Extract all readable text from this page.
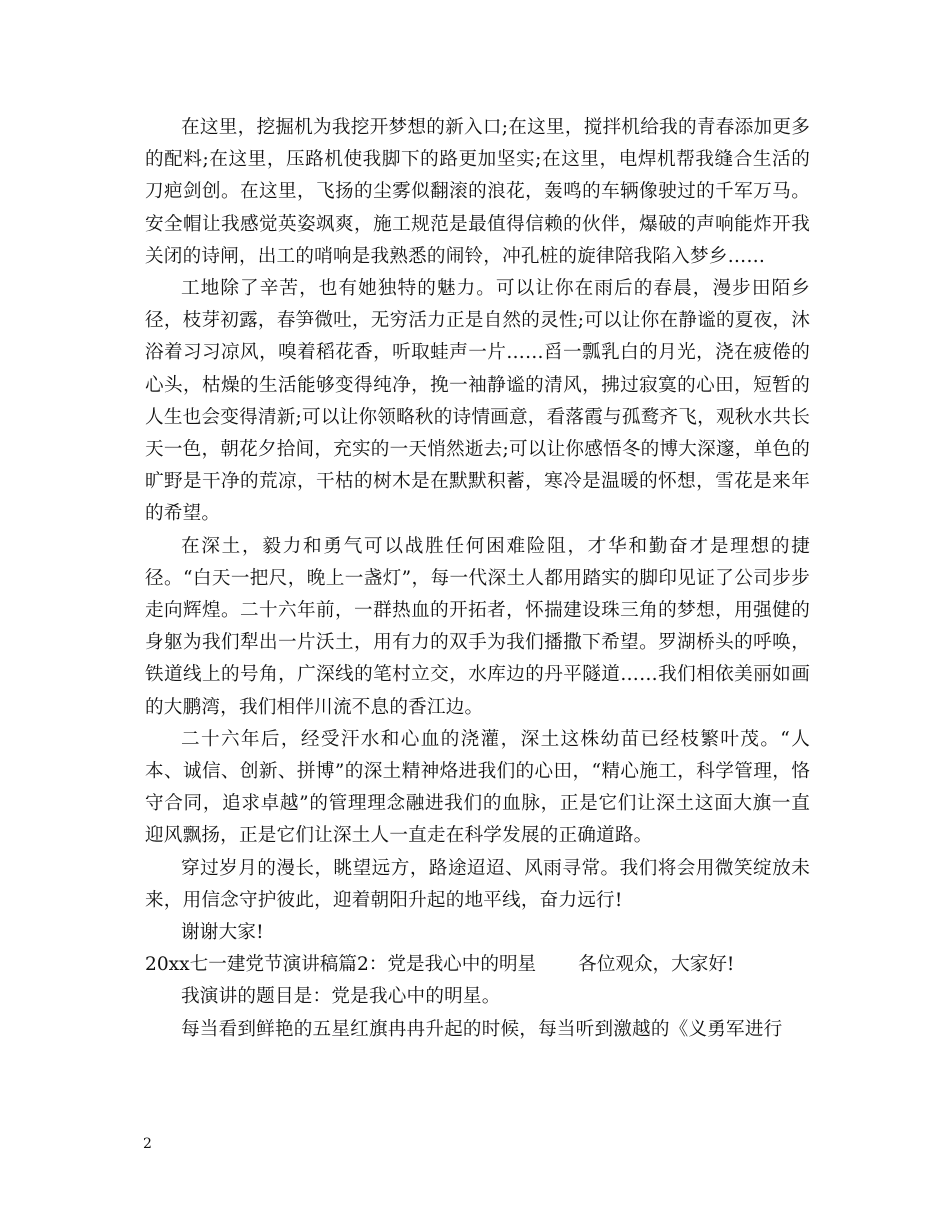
在这里，挖掘机为我挖开梦想的新入口;在这里，搅拌机给我的青春添加更多的配料;在这里，压路机使我脚下的路更加坚实;在这里，电焊机帮我缝合生活的刀疤剑创。在这里，飞扬的尘雾似翻滚的浪花，轰鸣的车辆像驶过的千军万马。安全帽让我感觉英姿飒爽，施工规范是最值得信赖的伙伴，爆破的声响能炸开我关闭的诗闸，出工的哨响是我熟悉的闹铃，冲孔桩的旋律陪我陷入梦乡……

工地除了辛苦，也有她独特的魅力。可以让你在雨后的春晨，漫步田陌乡径，枝芽初露，春笋微吐，无穷活力正是自然的灵性;可以让你在静谧的夏夜，沐浴着习习凉风，嗅着稻花香，听取蛙声一片……舀一瓢乳白的月光，浇在疲倦的心头，枯燥的生活能够变得纯净，挽一袖静谧的清风，拂过寂寞的心田，短暂的人生也会变得清新;可以让你领略秋的诗情画意，看落霞与孤鹜齐飞，观秋水共长天一色，朝花夕拾间，充实的一天悄然逝去;可以让你感悟冬的博大深邃，单色的旷野是干净的荒凉，干枯的树木是在默默积蓄，寒冷是温暖的怀想，雪花是来年的希望。

在深土，毅力和勇气可以战胜任何困难险阻，才华和勤奋才是理想的捷径。“白天一把尺，晚上一盏灯”，每一代深土人都用踏实的脚印见证了公司步步走向辉煌。二十六年前，一群热血的开拓者，怀揣建设珠三角的梦想，用强健的身躯为我们犁出一片沃土，用有力的双手为我们播撒下希望。罗湖桥头的呼唤，铁道线上的号角，广深线的笔村立交，水库边的丹平隧道……我们相依美丽如画的大鹏湾，我们相伴川流不息的香江边。

二十六年后，经受汗水和心血的浇灌，深土这株幼苗已经枝繁叶茂。“人本、诚信、创新、拼博”的深土精神烙进我们的心田，“精心施工，科学管理，恪守合同，追求卓越”的管理理念融进我们的血脉，正是它们让深土这面大旗一直迎风飘扬，正是它们让深土人一直走在科学发展的正确道路。

穿过岁月的漫长，眺望远方，路途迢迢、风雨寻常。我们将会用微笑绽放未来，用信念守护彼此，迎着朝阳升起的地平线，奋力远行!

谢谢大家!

20xx七一建党节演讲稿篇2：党是我心中的明星 各位观众，大家好!

我演讲的题目是：党是我心中的明星。

每当看到鲜艳的五星红旗冉冉升起的时候，每当听到激越的《义勇军进行

2
